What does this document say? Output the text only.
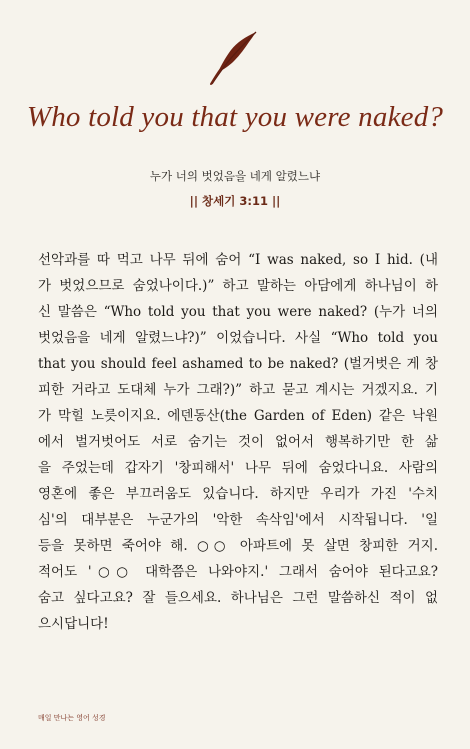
Who told you that you were naked?
누가 너의 벗었음을 네게 알렸느냐
|| 창세기 3:11 ||
선악과를 따 먹고 나무 뒤에 숨어 “I was naked, so I hid. (내
가 벗었으므로 숨었나이다.)” 하고 말하는 아담에게 하나님이 하
신 말씀은 “Who told you that you were naked? (누가 너의
벗었음을 네게 알렸느냐?)” 이었습니다. 사실 “Who told you
that you should feel ashamed to be naked? (벌거벗은 게 창
피한 거라고 도대체 누가 그래?)” 하고 묻고 계시는 거겠지요. 기
가 막힐 노릇이지요. 에덴동산(the Garden of Eden) 같은 낙원
에서 벌거벗어도 서로 숨기는 것이 없어서 행복하기만 한 삶
을 주었는데 갑자기 '창피해서' 나무 뒤에 숨었다니요. 사람의
영혼에 좋은 부끄러움도 있습니다. 하지만 우리가 가진 '수치
심'의 대부분은 누군가의 '악한 속삭임'에서 시작됩니다. '일
등을 못하면 죽어야 해. ○○ 아파트에 못 살면 창피한 거지.
적어도 '○○ 대학쯤은 나와야지.' 그래서 숨어야 된다고요?
숨고 싶다고요? 잘 들으세요. 하나님은 그런 말씀하신 적이 없
으시답니다!
매일 만나는 영어 성경
